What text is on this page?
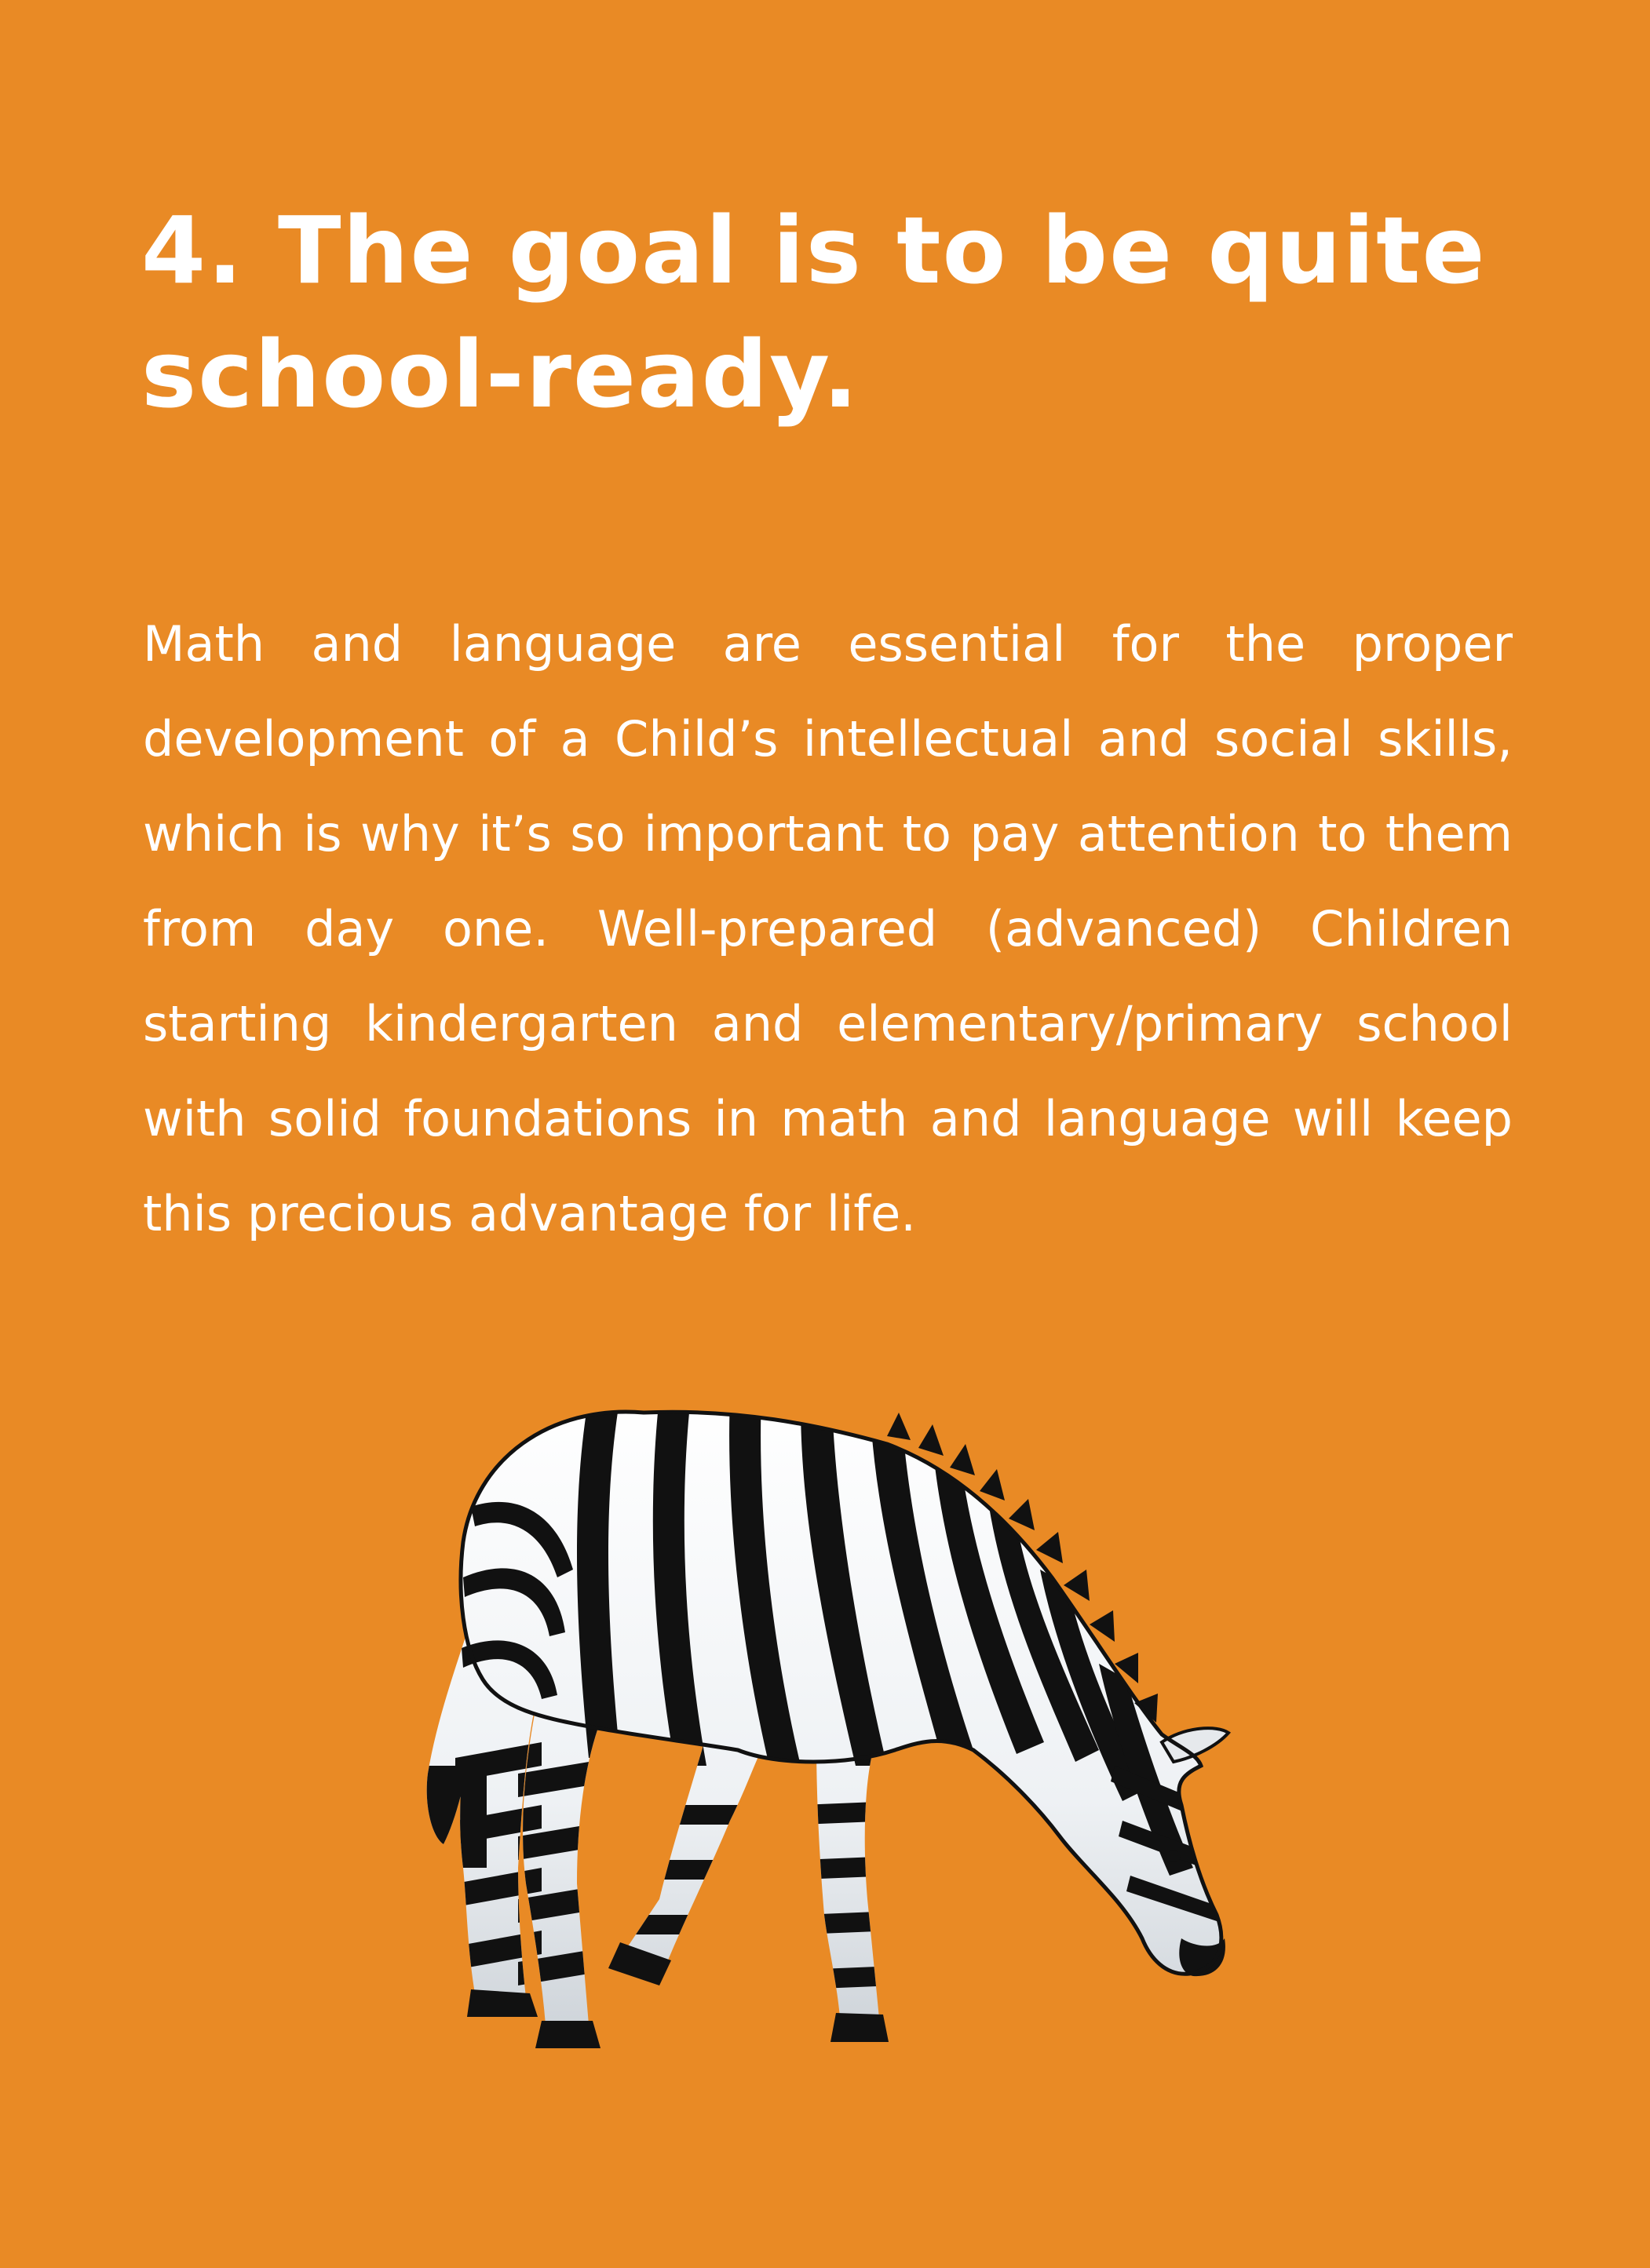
4. The goal is to be quite school-ready.

Math and language are essential for the proper development of a Child’s intellectual and social skills, which is why it’s so important to pay attention to them from day one. Well-prepared (advanced) Children starting kindergarten and elementary/primary school with solid foundations in math and language will keep this precious advantage for life.
